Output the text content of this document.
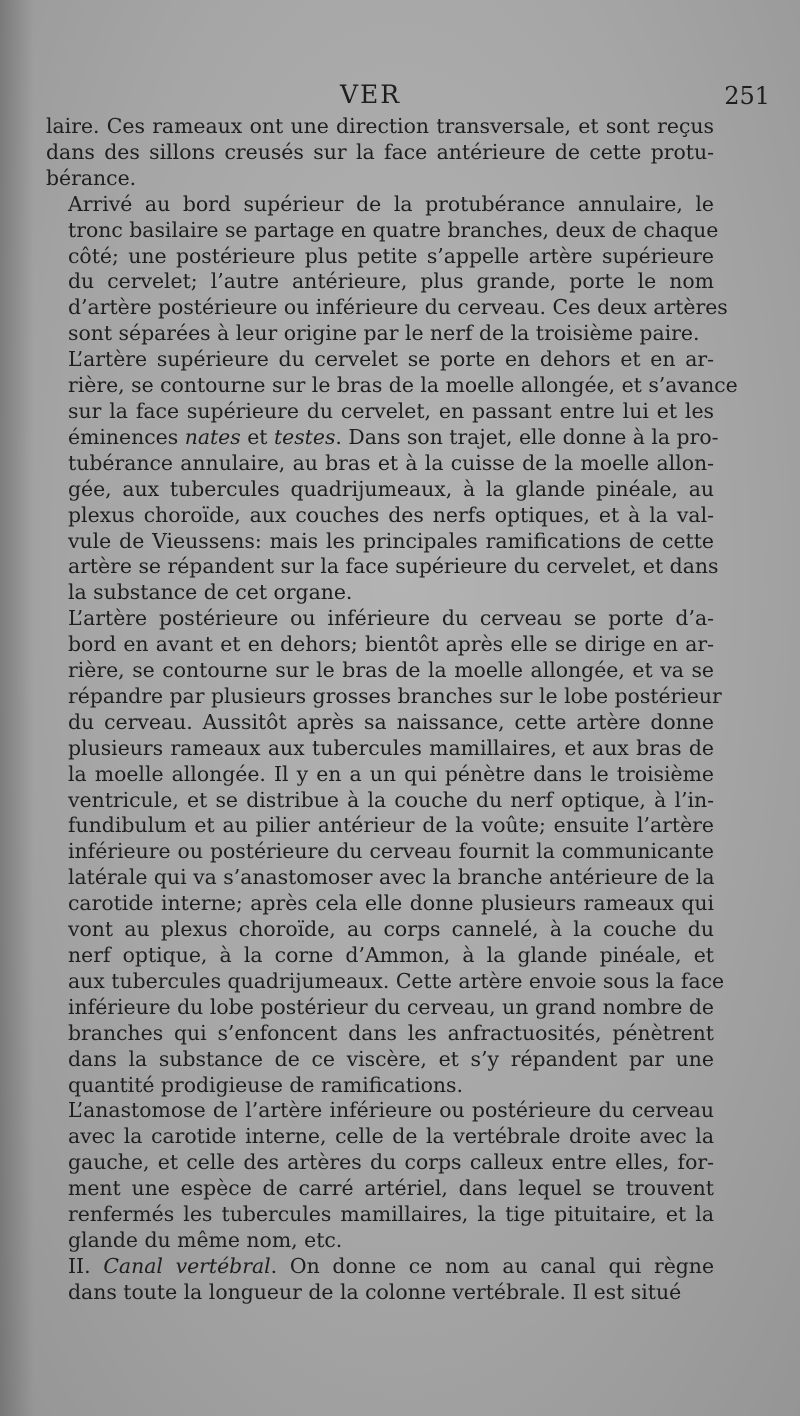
VER	251

laire. Ces rameaux ont une direction transversale, et sont reçus
dans des sillons creusés sur la face antérieure de cette protu-
bérance.

Arrivé au bord supérieur de la protubérance annulaire, le
tronc basilaire se partage en quatre branches, deux de chaque
côté; une postérieure plus petite s’appelle artère supérieure
du cervelet; l’autre antérieure, plus grande, porte le nom
d’artère postérieure ou inférieure du cerveau. Ces deux artères
sont séparées à leur origine par le nerf de la troisième paire.

L’artère supérieure du cervelet se porte en dehors et en ar-
rière, se contourne sur le bras de la moelle allongée, et s’avance
sur la face supérieure du cervelet, en passant entre lui et les
éminences nates et testes. Dans son trajet, elle donne à la pro-
tubérance annulaire, au bras et à la cuisse de la moelle allon-
gée, aux tubercules quadrijumeaux, à la glande pinéale, au
plexus choroïde, aux couches des nerfs optiques, et à la val-
vule de Vieussens: mais les principales ramifications de cette
artère se répandent sur la face supérieure du cervelet, et dans
la substance de cet organe.

L’artère postérieure ou inférieure du cerveau se porte d’a-
bord en avant et en dehors; bientôt après elle se dirige en ar-
rière, se contourne sur le bras de la moelle allongée, et va se
répandre par plusieurs grosses branches sur le lobe postérieur
du cerveau. Aussitôt après sa naissance, cette artère donne
plusieurs rameaux aux tubercules mamillaires, et aux bras de
la moelle allongée. Il y en a un qui pénètre dans le troisième
ventricule, et se distribue à la couche du nerf optique, à l’in-
fundibulum et au pilier antérieur de la voûte; ensuite l’artère
inférieure ou postérieure du cerveau fournit la communicante
latérale qui va s’anastomoser avec la branche antérieure de la
carotide interne; après cela elle donne plusieurs rameaux qui
vont au plexus choroïde, au corps cannelé, à la couche du
nerf optique, à la corne d’Ammon, à la glande pinéale, et
aux tubercules quadrijumeaux. Cette artère envoie sous la face
inférieure du lobe postérieur du cerveau, un grand nombre de
branches qui s’enfoncent dans les anfractuosités, pénètrent
dans la substance de ce viscère, et s’y répandent par une
quantité prodigieuse de ramifications.

L’anastomose de l’artère inférieure ou postérieure du cerveau
avec la carotide interne, celle de la vertébrale droite avec la
gauche, et celle des artères du corps calleux entre elles, for-
ment une espèce de carré artériel, dans lequel se trouvent
renfermés les tubercules mamillaires, la tige pituitaire, et la
glande du même nom, etc.

II. Canal vertébral. On donne ce nom au canal qui règne
dans toute la longueur de la colonne vertébrale. Il est situé
